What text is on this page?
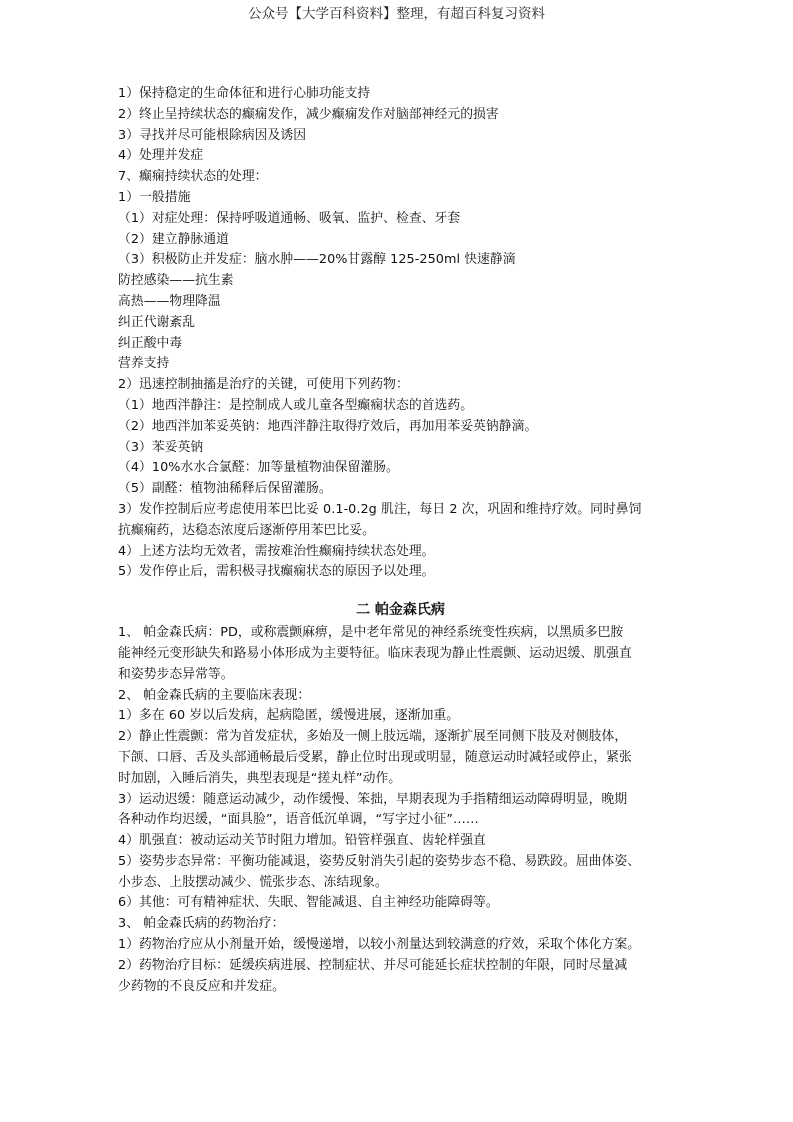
公众号【大学百科资料】整理，有超百科复习资料
1）保持稳定的生命体征和进行心肺功能支持
2）终止呈持续状态的癫痫发作，减少癫痫发作对脑部神经元的损害
3）寻找并尽可能根除病因及诱因
4）处理并发症
7、癫痫持续状态的处理：
1）一般措施
（1）对症处理：保持呼吸道通畅、吸氧、监护、检查、牙套
（2）建立静脉通道
（3）积极防止并发症：脑水肿——20%甘露醇 125-250ml 快速静滴
防控感染——抗生素
高热——物理降温
纠正代谢紊乱
纠正酸中毒
营养支持
2）迅速控制抽搐是治疗的关键，可使用下列药物：
（1）地西泮静注：是控制成人或儿童各型癫痫状态的首选药。
（2）地西泮加苯妥英钠：地西泮静注取得疗效后，再加用苯妥英钠静滴。
（3）苯妥英钠
（4）10%水水合氯醛：加等量植物油保留灌肠。
（5）副醛：植物油稀释后保留灌肠。
3）发作控制后应考虑使用苯巴比妥 0.1-0.2g 肌注，每日 2 次，巩固和维持疗效。同时鼻饲
抗癫痫药，达稳态浓度后逐渐停用苯巴比妥。
4）上述方法均无效者，需按难治性癫痫持续状态处理。
5）发作停止后，需积极寻找癫痫状态的原因予以处理。
二 帕金森氏病
1、 帕金森氏病：PD，或称震颤麻痹，是中老年常见的神经系统变性疾病，以黑质多巴胺
能神经元变形缺失和路易小体形成为主要特征。临床表现为静止性震颤、运动迟缓、肌强直
和姿势步态异常等。
2、 帕金森氏病的主要临床表现：
1）多在 60 岁以后发病，起病隐匿，缓慢进展，逐渐加重。
2）静止性震颤：常为首发症状，多始及一侧上肢远端，逐渐扩展至同侧下肢及对侧肢体，
下颌、口唇、舌及头部通畅最后受累，静止位时出现或明显，随意运动时减轻或停止，紧张
时加剧，入睡后消失，典型表现是“搓丸样”动作。
3）运动迟缓：随意运动减少，动作缓慢、笨拙，早期表现为手指精细运动障碍明显，晚期
各种动作均迟缓，“面具脸”，语音低沉单调，“写字过小征”……
4）肌强直：被动运动关节时阻力增加。铅管样强直、齿轮样强直
5）姿势步态异常：平衡功能减退，姿势反射消失引起的姿势步态不稳、易跌跤。屈曲体姿、
小步态、上肢摆动减少、慌张步态、冻结现象。
6）其他：可有精神症状、失眠、智能减退、自主神经功能障碍等。
3、 帕金森氏病的药物治疗：
1）药物治疗应从小剂量开始，缓慢递增，以较小剂量达到较满意的疗效，采取个体化方案。
2）药物治疗目标：延缓疾病进展、控制症状、并尽可能延长症状控制的年限，同时尽量减
少药物的不良反应和并发症。
